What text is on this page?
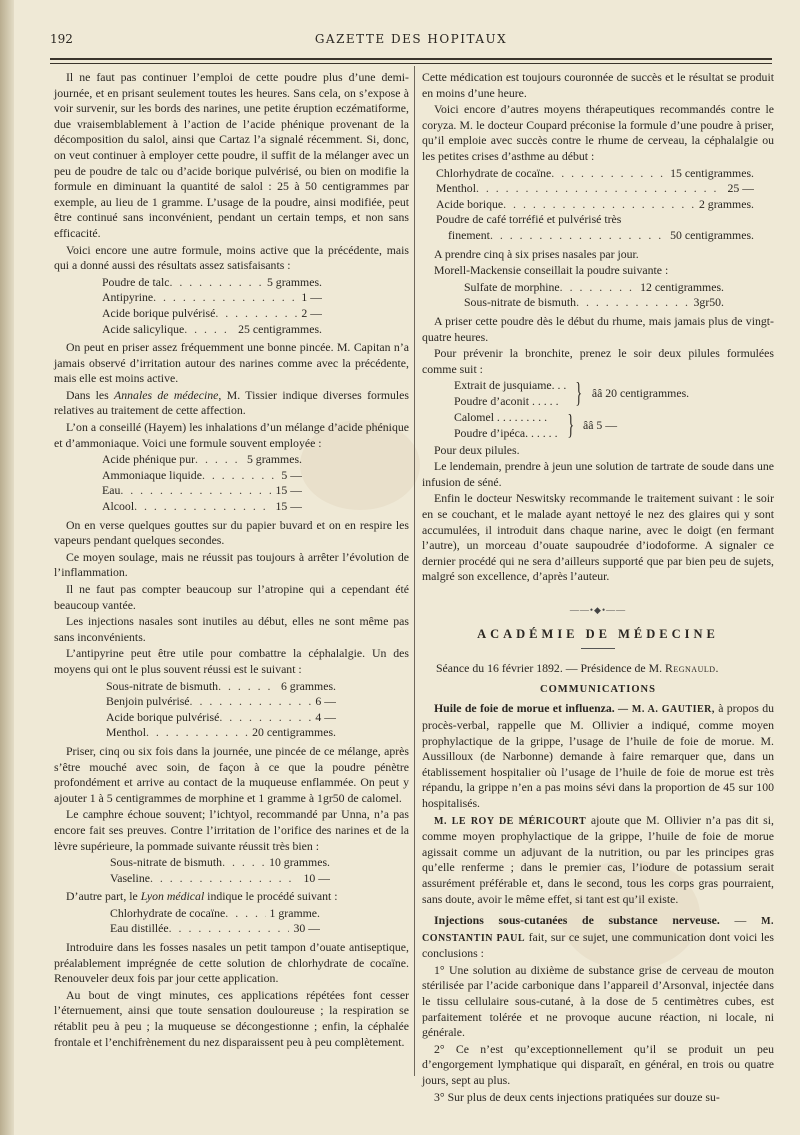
192	GAZETTE DES HOPITAUX

Il ne faut pas continuer l’emploi de cette poudre plus d’une demi-journée, et en prisant seulement toutes les heures. Sans cela, on s’expose à voir survenir, sur les bords des narines, une petite éruption eczématiforme, due vraisemblablement à l’action de l’acide phénique provenant de la décomposition du salol, ainsi que Cartaz l’a signalé récemment. Si, donc, on veut continuer à employer cette poudre, il suffit de la mélanger avec un peu de poudre de talc ou d’acide borique pulvérisé, ou bien on modifie la formule en diminuant la quantité de salol : 25 à 50 centigrammes par exemple, au lieu de 1 gramme. L’usage de la poudre, ainsi modifiée, peut être continué sans inconvénient, pendant un certain temps, et non sans efficacité.

Voici encore une autre formule, moins active que la précédente, mais qui a donné aussi des résultats assez satisfaisants :

Poudre de talc . . .	5 grammes.
Antipyrine . . .	1 —
Acide borique pulvérisé . . .	2 —
Acide salicylique . . .	25 centigrammes.

On peut en priser assez fréquemment une bonne pincée. M. Capitan n’a jamais observé d’irritation autour des narines comme avec la précédente, mais elle est moins active.

Dans les Annales de médecine, M. Tissier indique diverses formules relatives au traitement de cette affection.

L’on a conseillé (Hayem) les inhalations d’un mélange d’acide phénique et d’ammoniaque. Voici une formule souvent employée :

Acide phénique pur . . .	5 grammes.
Ammoniaque liquide . . .	5 —
Eau . . .	15 —
Alcool . . .	15 —

On en verse quelques gouttes sur du papier buvard et on en respire les vapeurs pendant quelques secondes.

Ce moyen soulage, mais ne réussit pas toujours à arrêter l’évolution de l’inflammation.

Il ne faut pas compter beaucoup sur l’atropine qui a cependant été beaucoup vantée.

Les injections nasales sont inutiles au début, elles ne sont même pas sans inconvénients.

L’antipyrine peut être utile pour combattre la céphalalgie. Un des moyens qui ont le plus souvent réussi est le suivant :

Sous-nitrate de bismuth . . .	6 grammes.
Benjoin pulvérisé . . .	6 —
Acide borique pulvérisé . . .	4 —
Menthol . . .	20 centigrammes.

Priser, cinq ou six fois dans la journée, une pincée de ce mélange, après s’être mouché avec soin, de façon à ce que la poudre pénètre profondément et arrive au contact de la muqueuse enflammée. On peut y ajouter 1 à 5 centigrammes de morphine et 1 gramme à 1gr50 de calomel.

Le camphre échoue souvent; l’ichtyol, recommandé par Unna, n’a pas encore fait ses preuves. Contre l’irritation de l’orifice des narines et de la lèvre supérieure, la pommade suivante réussit très bien :

Sous-nitrate de bismuth . . .	10 grammes.
Vaseline . . .	10 —

D’autre part, le Lyon médical indique le procédé suivant :

Chlorhydrate de cocaïne . . .	1 gramme.
Eau distillée . . .	30 —

Introduire dans les fosses nasales un petit tampon d’ouate antiseptique, préalablement imprégnée de cette solution de chlorhydrate de cocaïne. Renouveler deux fois par jour cette application.

Au bout de vingt minutes, ces applications répétées font cesser l’éternuement, ainsi que toute sensation douloureuse ; la respiration se rétablit peu à peu ; la muqueuse se décongestionne ; enfin, la céphalée frontale et l’enchifrènement du nez disparaissent peu à peu complètement.

Cette médication est toujours couronnée de succès et le résultat se produit en moins d’une heure.

Voici encore d’autres moyens thérapeutiques recommandés contre le coryza. M. le docteur Coupard préconise la formule d’une poudre à priser, qu’il emploie avec succès contre le rhume de cerveau, la céphalalgie ou les petites crises d’asthme au début :

Chlorhydrate de cocaïne . . .	15 centigrammes.
Menthol . . .	25 —
Acide borique . . .	2 grammes.
Poudre de café torréfié et pulvérisé très
finement . . .	50 centigrammes.

A prendre cinq à six prises nasales par jour.

Morell-Mackensie conseillait la poudre suivante :

Sulfate de morphine . . .	12 centigrammes.
Sous-nitrate de bismuth . . .	3gr50.

A priser cette poudre dès le début du rhume, mais jamais plus de vingt-quatre heures.

Pour prévenir la bronchite, prenez le soir deux pilules formulées comme suit :

Extrait de jusquiame. . .
Poudre d’aconit . . . . . } ââ 20 centigrammes.
Calomel . . . . . . . . .
Poudre d’ipéca. . . . . . } ââ 5 —

Pour deux pilules.

Le lendemain, prendre à jeun une solution de tartrate de soude dans une infusion de séné.

Enfin le docteur Neswitsky recommande le traitement suivant : le soir en se couchant, et le malade ayant nettoyé le nez des glaires qui y sont accumulées, il introduit dans chaque narine, avec le doigt (en fermant l’autre), un morceau d’ouate saupoudrée d’iodoforme. A signaler ce dernier procédé qui ne sera d’ailleurs supporté que par bien peu de sujets, malgré son excellence, d’après l’auteur.

——•◆•——
ACADÉMIE DE MÉDECINE

Séance du 16 février 1892. — Présidence de M. Regnauld.

COMMUNICATIONS

Huile de foie de morue et influenza. — M. A. GAUTIER, à propos du procès-verbal, rappelle que M. Ollivier a indiqué, comme moyen prophylactique de la grippe, l’usage de l’huile de foie de morue. M. Aussilloux (de Narbonne) demande à faire remarquer que, dans un établissement hospitalier où l’usage de l’huile de foie de morue est très répandu, la grippe n’en a pas moins sévi dans la proportion de 45 sur 100 hospitalisés.

M. LE ROY DE MÉRICOURT ajoute que M. Ollivier n’a pas dit si, comme moyen prophylactique de la grippe, l’huile de foie de morue agissait comme un adjuvant de la nutrition, ou par les principes gras qu’elle renferme ; dans le premier cas, l’iodure de potassium serait assurément préférable et, dans le second, tous les corps gras pourraient, sans doute, avoir le même effet, si tant est qu’il existe.

Injections sous-cutanées de substance nerveuse. — M. CONSTANTIN PAUL fait, sur ce sujet, une communication dont voici les conclusions :

1° Une solution au dixième de substance grise de cerveau de mouton stérilisée par l’acide carbonique dans l’appareil d’Arsonval, injectée dans le tissu cellulaire sous-cutané, à la dose de 5 centimètres cubes, est parfaitement tolérée et ne provoque aucune réaction, ni locale, ni générale.

2° Ce n’est qu’exceptionnellement qu’il se produit un peu d’engorgement lymphatique qui disparaît, en général, en trois ou quatre jours, sept au plus.

3° Sur plus de deux cents injections pratiquées sur douze su-
